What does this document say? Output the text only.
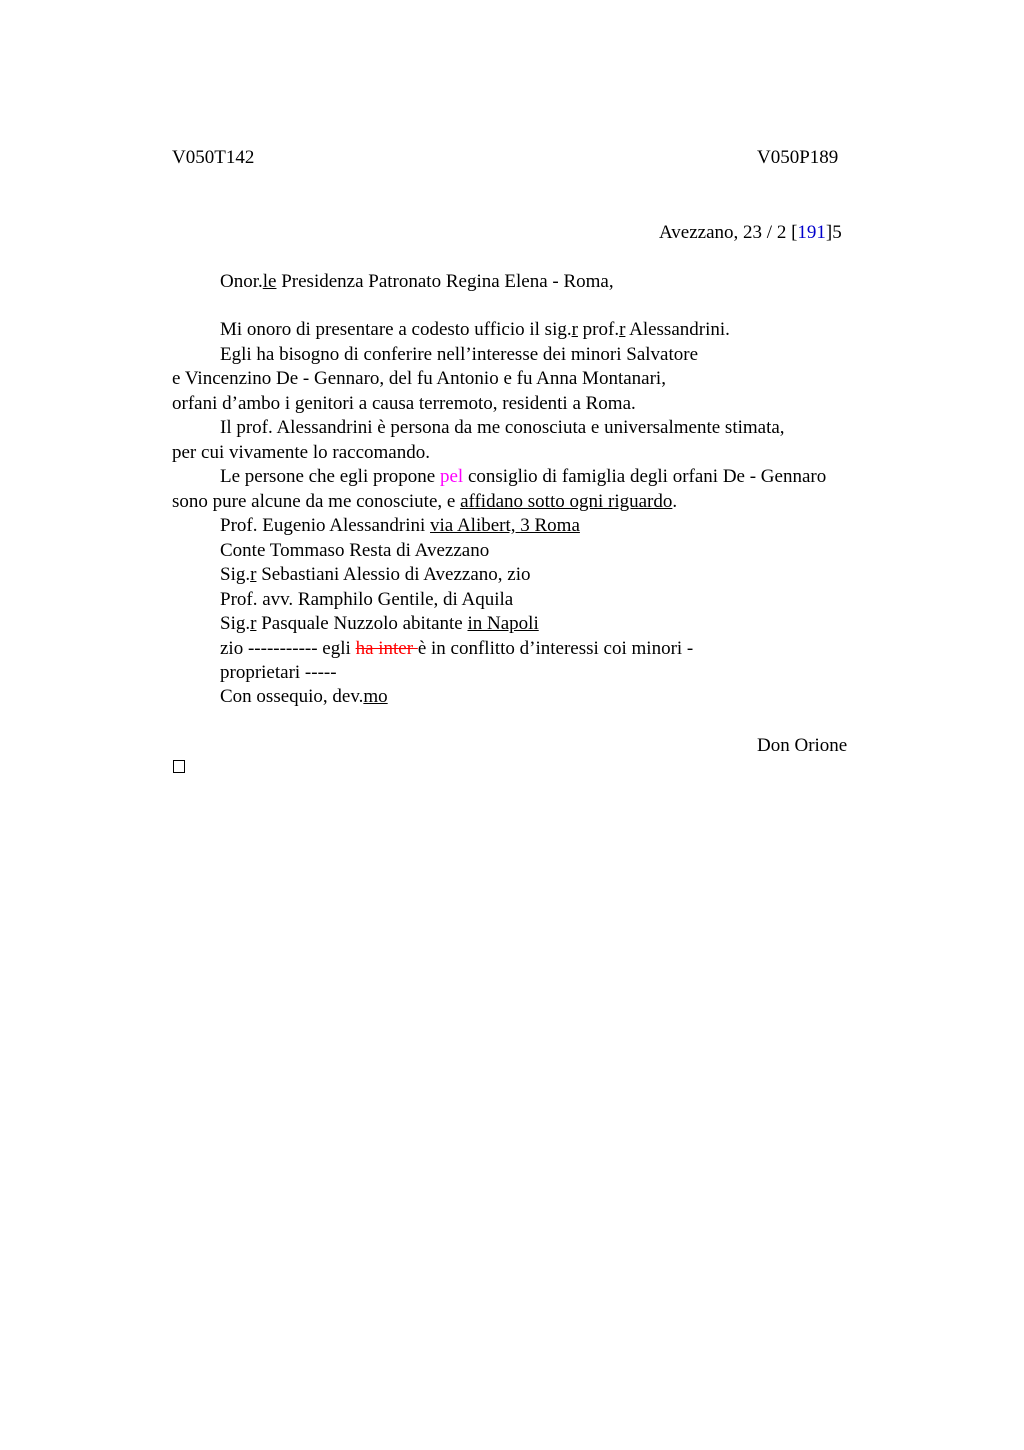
V050T142	V050P189
Avezzano, 23 / 2 [191]5
Onor.le Presidenza Patronato Regina Elena - Roma,
Mi onoro di presentare a codesto ufficio il sig.r prof.r Alessandrini.
Egli ha bisogno di conferire nell’interesse dei minori Salvatore
e Vincenzino De - Gennaro, del fu Antonio e fu Anna Montanari,
orfani d’ambo i genitori a causa terremoto, residenti a Roma.
Il prof. Alessandrini è persona da me conosciuta e universalmente stimata,
per cui vivamente lo raccomando.
Le persone che egli propone pel consiglio di famiglia degli orfani De - Gennaro
sono pure alcune da me conosciute, e affidano sotto ogni riguardo.
Prof. Eugenio Alessandrini via Alibert, 3 Roma
Conte Tommaso Resta di Avezzano
Sig.r Sebastiani Alessio di Avezzano, zio
Prof. avv. Ramphilo Gentile, di Aquila
Sig.r Pasquale Nuzzolo abitante in Napoli
zio ----------- egli ha inter è in conflitto d’interessi coi minori -
proprietari -----
Con ossequio, dev.mo
Don Orione
